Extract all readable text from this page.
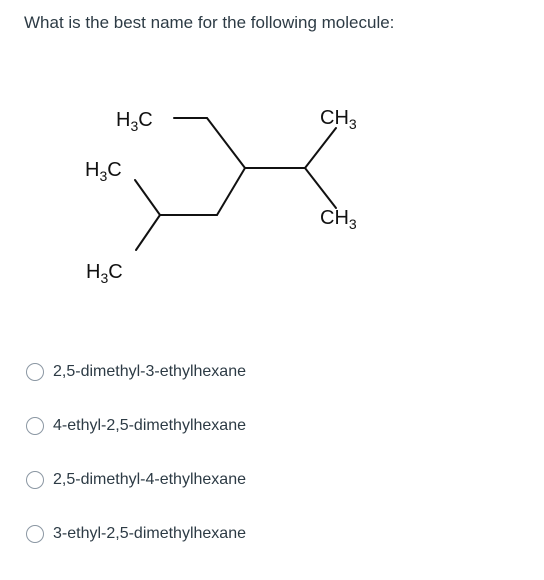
What is the best name for the following molecule:
$H_3C$
$H_3C$
$H_3C$
$CH_3$
$CH_3$
2,5-dimethyl-3-ethylhexane
4-ethyl-2,5-dimethylhexane
2,5-dimethyl-4-ethylhexane
3-ethyl-2,5-dimethylhexane
